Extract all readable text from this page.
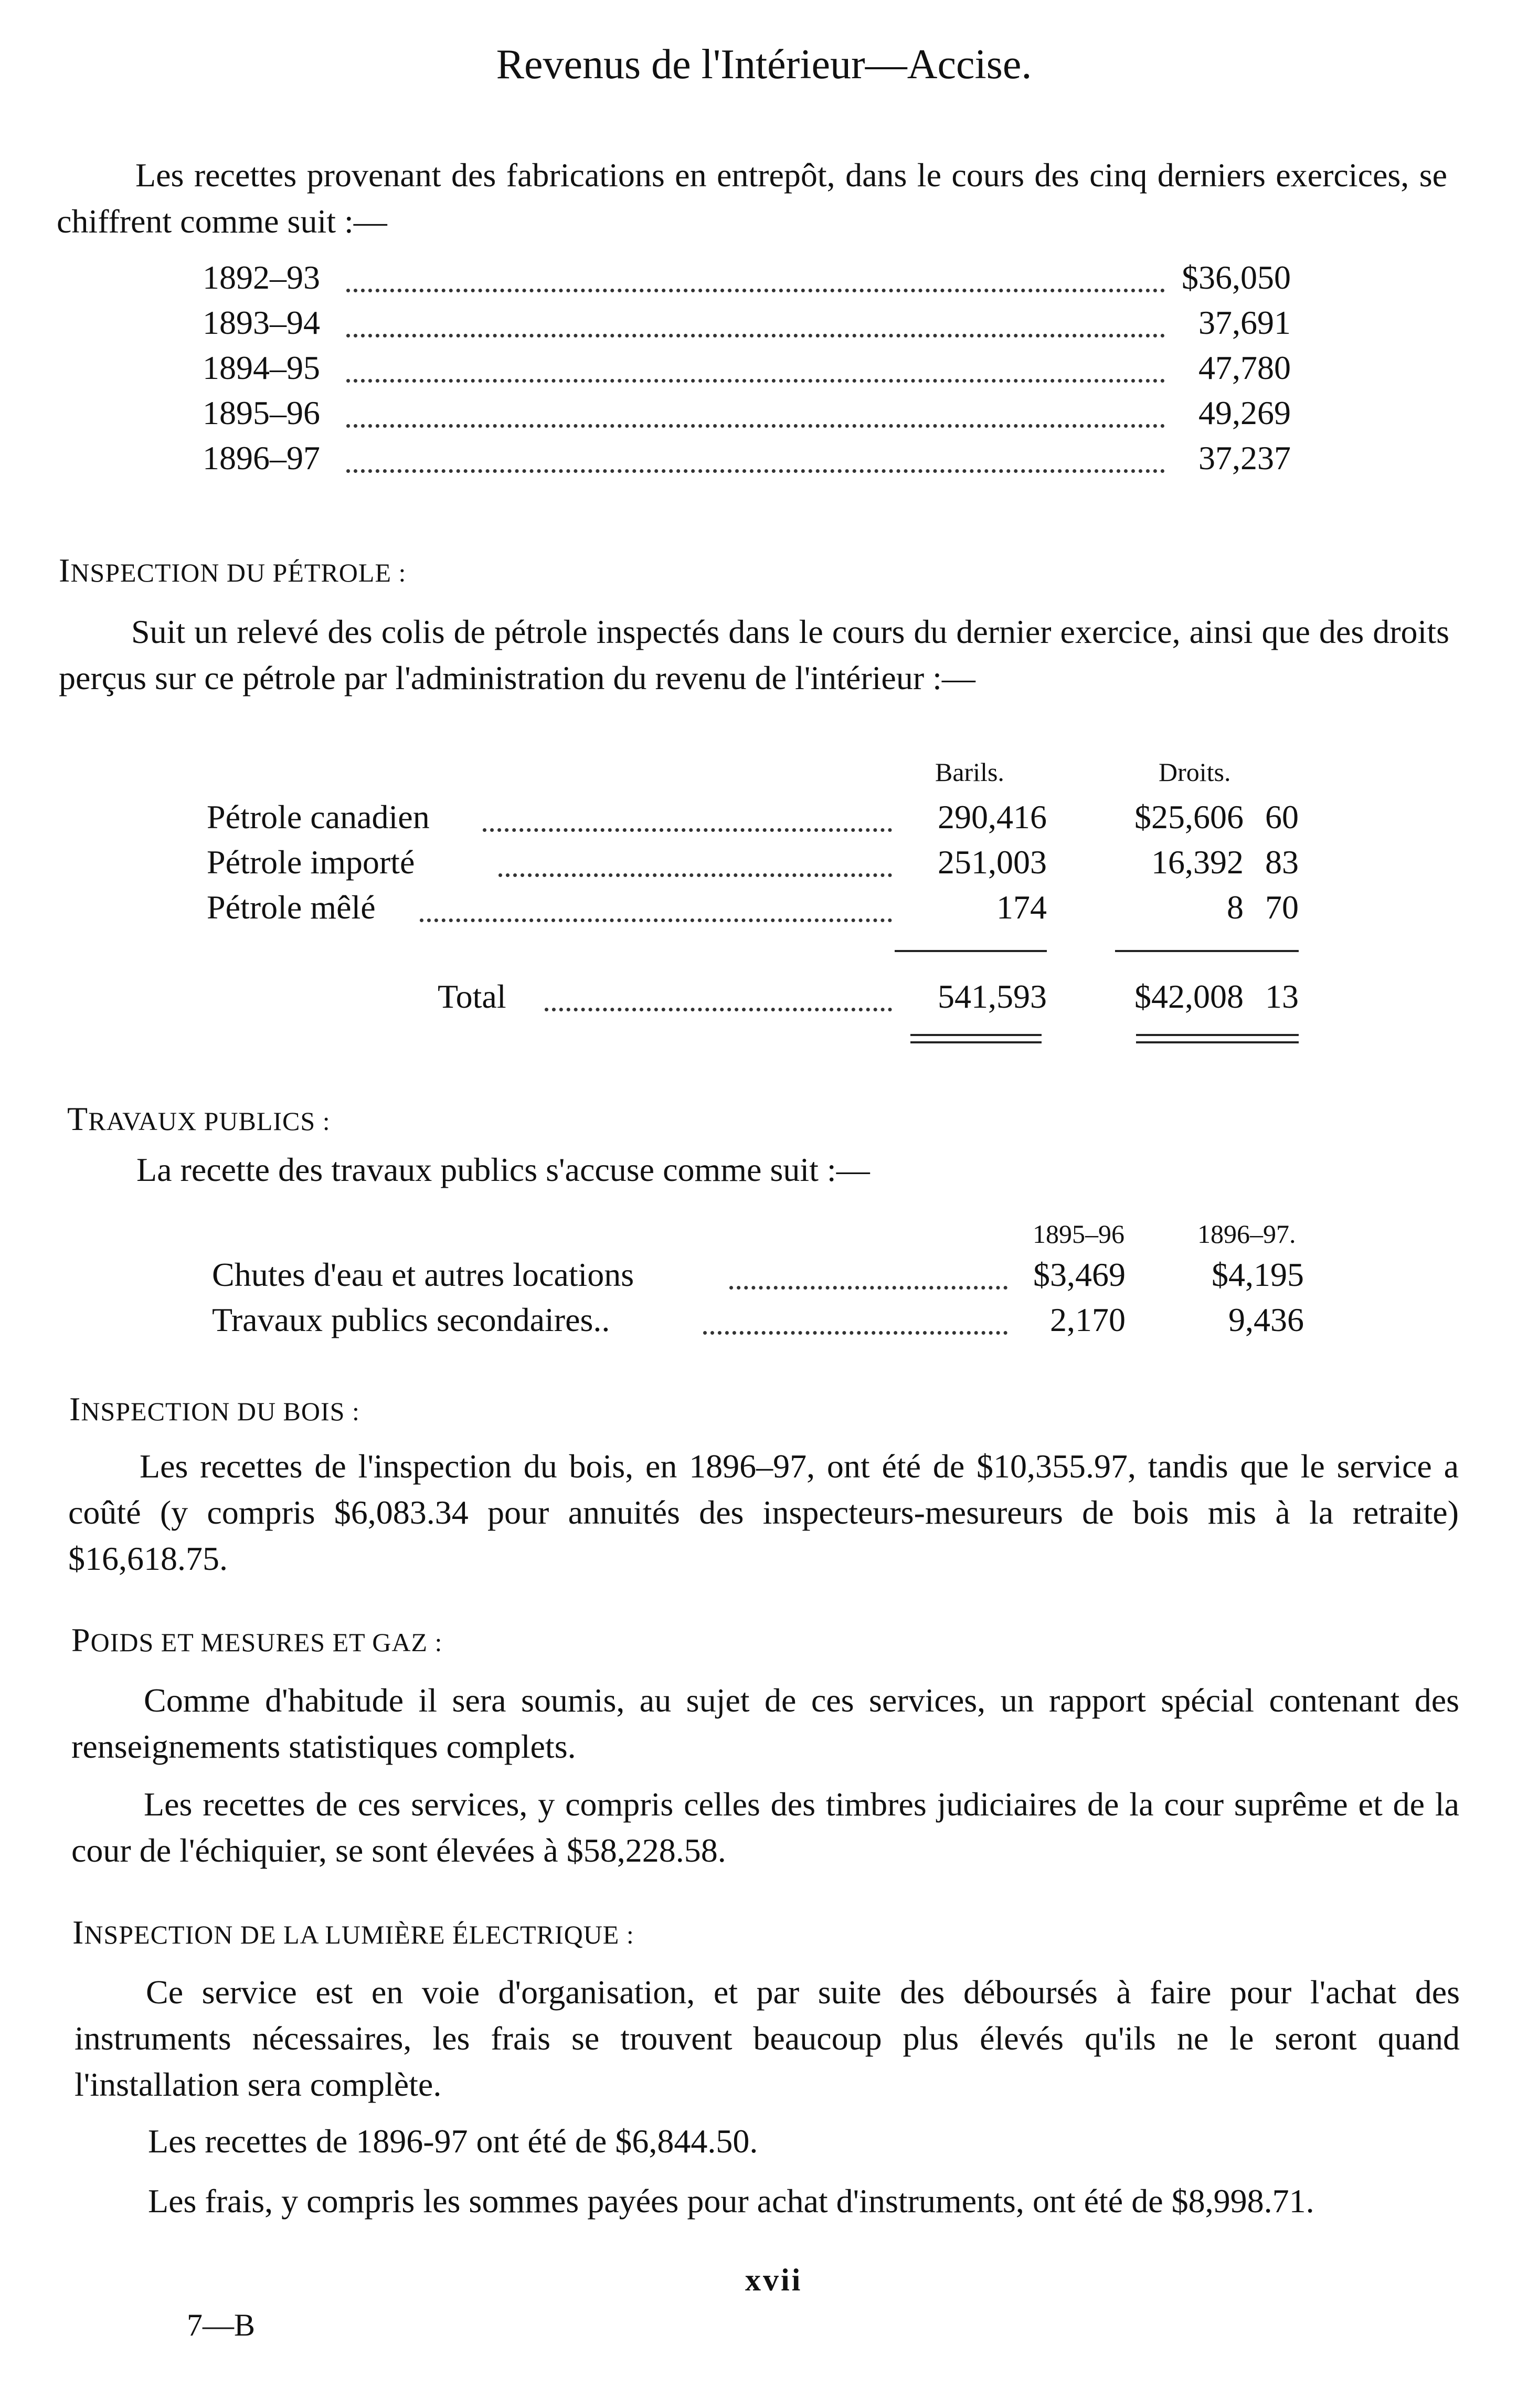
Revenus de l'Intérieur—Accise.
Les recettes provenant des fabrications en entrepôt, dans le cours des cinq derniers exercices, se chiffrent comme suit :—
1892–93	$36,050
1893–94	37,691
1894–95	47,780
1895–96	49,269
1896–97	37,237
INSPECTION DU PÉTROLE :
Suit un relevé des colis de pétrole inspectés dans le cours du dernier exercice, ainsi que des droits perçus sur ce pétrole par l'administration du revenu de l'intérieur :—
Barils.	Droits.
Pétrole canadien	290,416	$25,606 60
Pétrole importé	251,003	16,392 83
Pétrole mêlé	174	8 70
Total	541,593	$42,008 13
TRAVAUX PUBLICS :
La recette des travaux publics s'accuse comme suit :—
1895–96	1896–97.
Chutes d'eau et autres locations	$3,469	$4,195
Travaux publics secondaires..	2,170	9,436
INSPECTION DU BOIS :
Les recettes de l'inspection du bois, en 1896–97, ont été de $10,355.97, tandis que le service a coûté (y compris $6,083.34 pour annuités des inspecteurs-mesureurs de bois mis à la retraite) $16,618.75.
POIDS ET MESURES ET GAZ :
Comme d'habitude il sera soumis, au sujet de ces services, un rapport spécial contenant des renseignements statistiques complets.
Les recettes de ces services, y compris celles des timbres judiciaires de la cour suprême et de la cour de l'échiquier, se sont élevées à $58,228.58.
INSPECTION DE LA LUMIÈRE ÉLECTRIQUE :
Ce service est en voie d'organisation, et par suite des déboursés à faire pour l'achat des instruments nécessaires, les frais se trouvent beaucoup plus élevés qu'ils ne le seront quand l'installation sera complète.
Les recettes de 1896-97 ont été de $6,844.50.
Les frais, y compris les sommes payées pour achat d'instruments, ont été de $8,998.71.
xvii
7—B
